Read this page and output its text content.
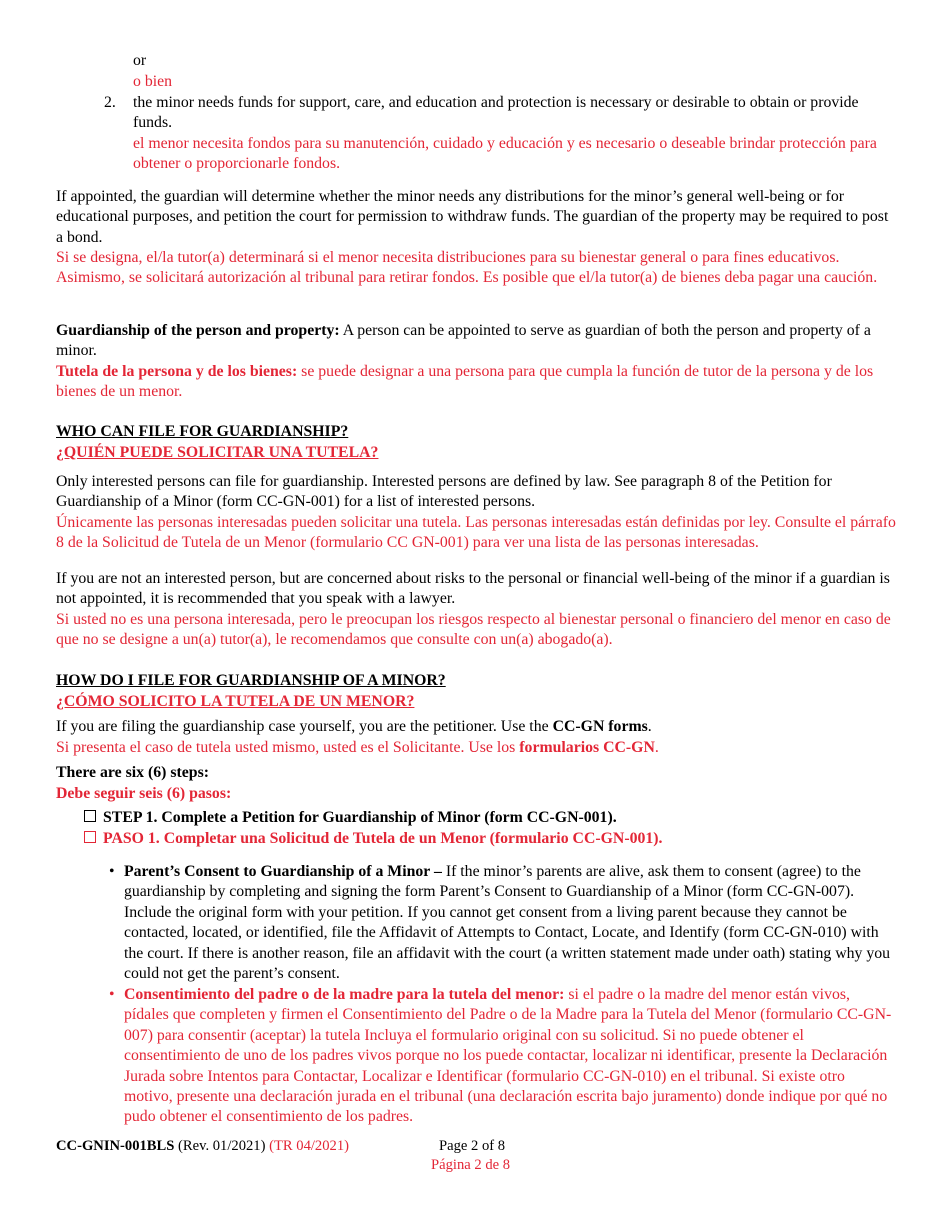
or

o bien

2. the minor needs funds for support, care, and education and protection is necessary or desirable to obtain or provide funds.

el menor necesita fondos para su manutención, cuidado y educación y es necesario o deseable brindar protección para obtener o proporcionarle fondos.

If appointed, the guardian will determine whether the minor needs any distributions for the minor’s general well-being or for educational purposes, and petition the court for permission to withdraw funds. The guardian of the property may be required to post a bond.

Si se designa, el/la tutor(a) determinará si el menor necesita distribuciones para su bienestar general o para fines educativos. Asimismo, se solicitará autorización al tribunal para retirar fondos. Es posible que el/la tutor(a) de bienes deba pagar una caución.

Guardianship of the person and property: A person can be appointed to serve as guardian of both the person and property of a minor.

Tutela de la persona y de los bienes: se puede designar a una persona para que cumpla la función de tutor de la persona y de los bienes de un menor.

WHO CAN FILE FOR GUARDIANSHIP?

¿QUIÉN PUEDE SOLICITAR UNA TUTELA?

Only interested persons can file for guardianship. Interested persons are defined by law. See paragraph 8 of the Petition for Guardianship of a Minor (form CC-GN-001) for a list of interested persons.

Únicamente las personas interesadas pueden solicitar una tutela. Las personas interesadas están definidas por ley. Consulte el párrafo 8 de la Solicitud de Tutela de un Menor (formulario CC GN-001) para ver una lista de las personas interesadas.

If you are not an interested person, but are concerned about risks to the personal or financial well-being of the minor if a guardian is not appointed, it is recommended that you speak with a lawyer.

Si usted no es una persona interesada, pero le preocupan los riesgos respecto al bienestar personal o financiero del menor en caso de que no se designe a un(a) tutor(a), le recomendamos que consulte con un(a) abogado(a).

HOW DO I FILE FOR GUARDIANSHIP OF A MINOR?

¿CÓMO SOLICITO LA TUTELA DE UN MENOR?

If you are filing the guardianship case yourself, you are the petitioner. Use the CC-GN forms.

Si presenta el caso de tutela usted mismo, usted es el Solicitante. Use los formularios CC-GN.

There are six (6) steps:

Debe seguir seis (6) pasos:

STEP 1. Complete a Petition for Guardianship of Minor (form CC-GN-001).

PASO 1. Completar una Solicitud de Tutela de un Menor (formulario CC-GN-001).

• Parent’s Consent to Guardianship of a Minor – If the minor’s parents are alive, ask them to consent (agree) to the guardianship by completing and signing the form Parent’s Consent to Guardianship of a Minor (form CC-GN-007). Include the original form with your petition. If you cannot get consent from a living parent because they cannot be contacted, located, or identified, file the Affidavit of Attempts to Contact, Locate, and Identify (form CC-GN-010) with the court. If there is another reason, file an affidavit with the court (a written statement made under oath) stating why you could not get the parent’s consent.

• Consentimiento del padre o de la madre para la tutela del menor: si el padre o la madre del menor están vivos, pídales que completen y firmen el Consentimiento del Padre o de la Madre para la Tutela del Menor (formulario CC-GN-007) para consentir (aceptar) la tutela Incluya el formulario original con su solicitud. Si no puede obtener el consentimiento de uno de los padres vivos porque no los puede contactar, localizar ni identificar, presente la Declaración Jurada sobre Intentos para Contactar, Localizar e Identificar (formulario CC-GN-010) en el tribunal. Si existe otro motivo, presente una declaración jurada en el tribunal (una declaración escrita bajo juramento) donde indique por qué no pudo obtener el consentimiento de los padres.

CC-GNIN-001BLS (Rev. 01/2021) (TR 04/2021)	Page 2 of 8

Página 2 de 8
